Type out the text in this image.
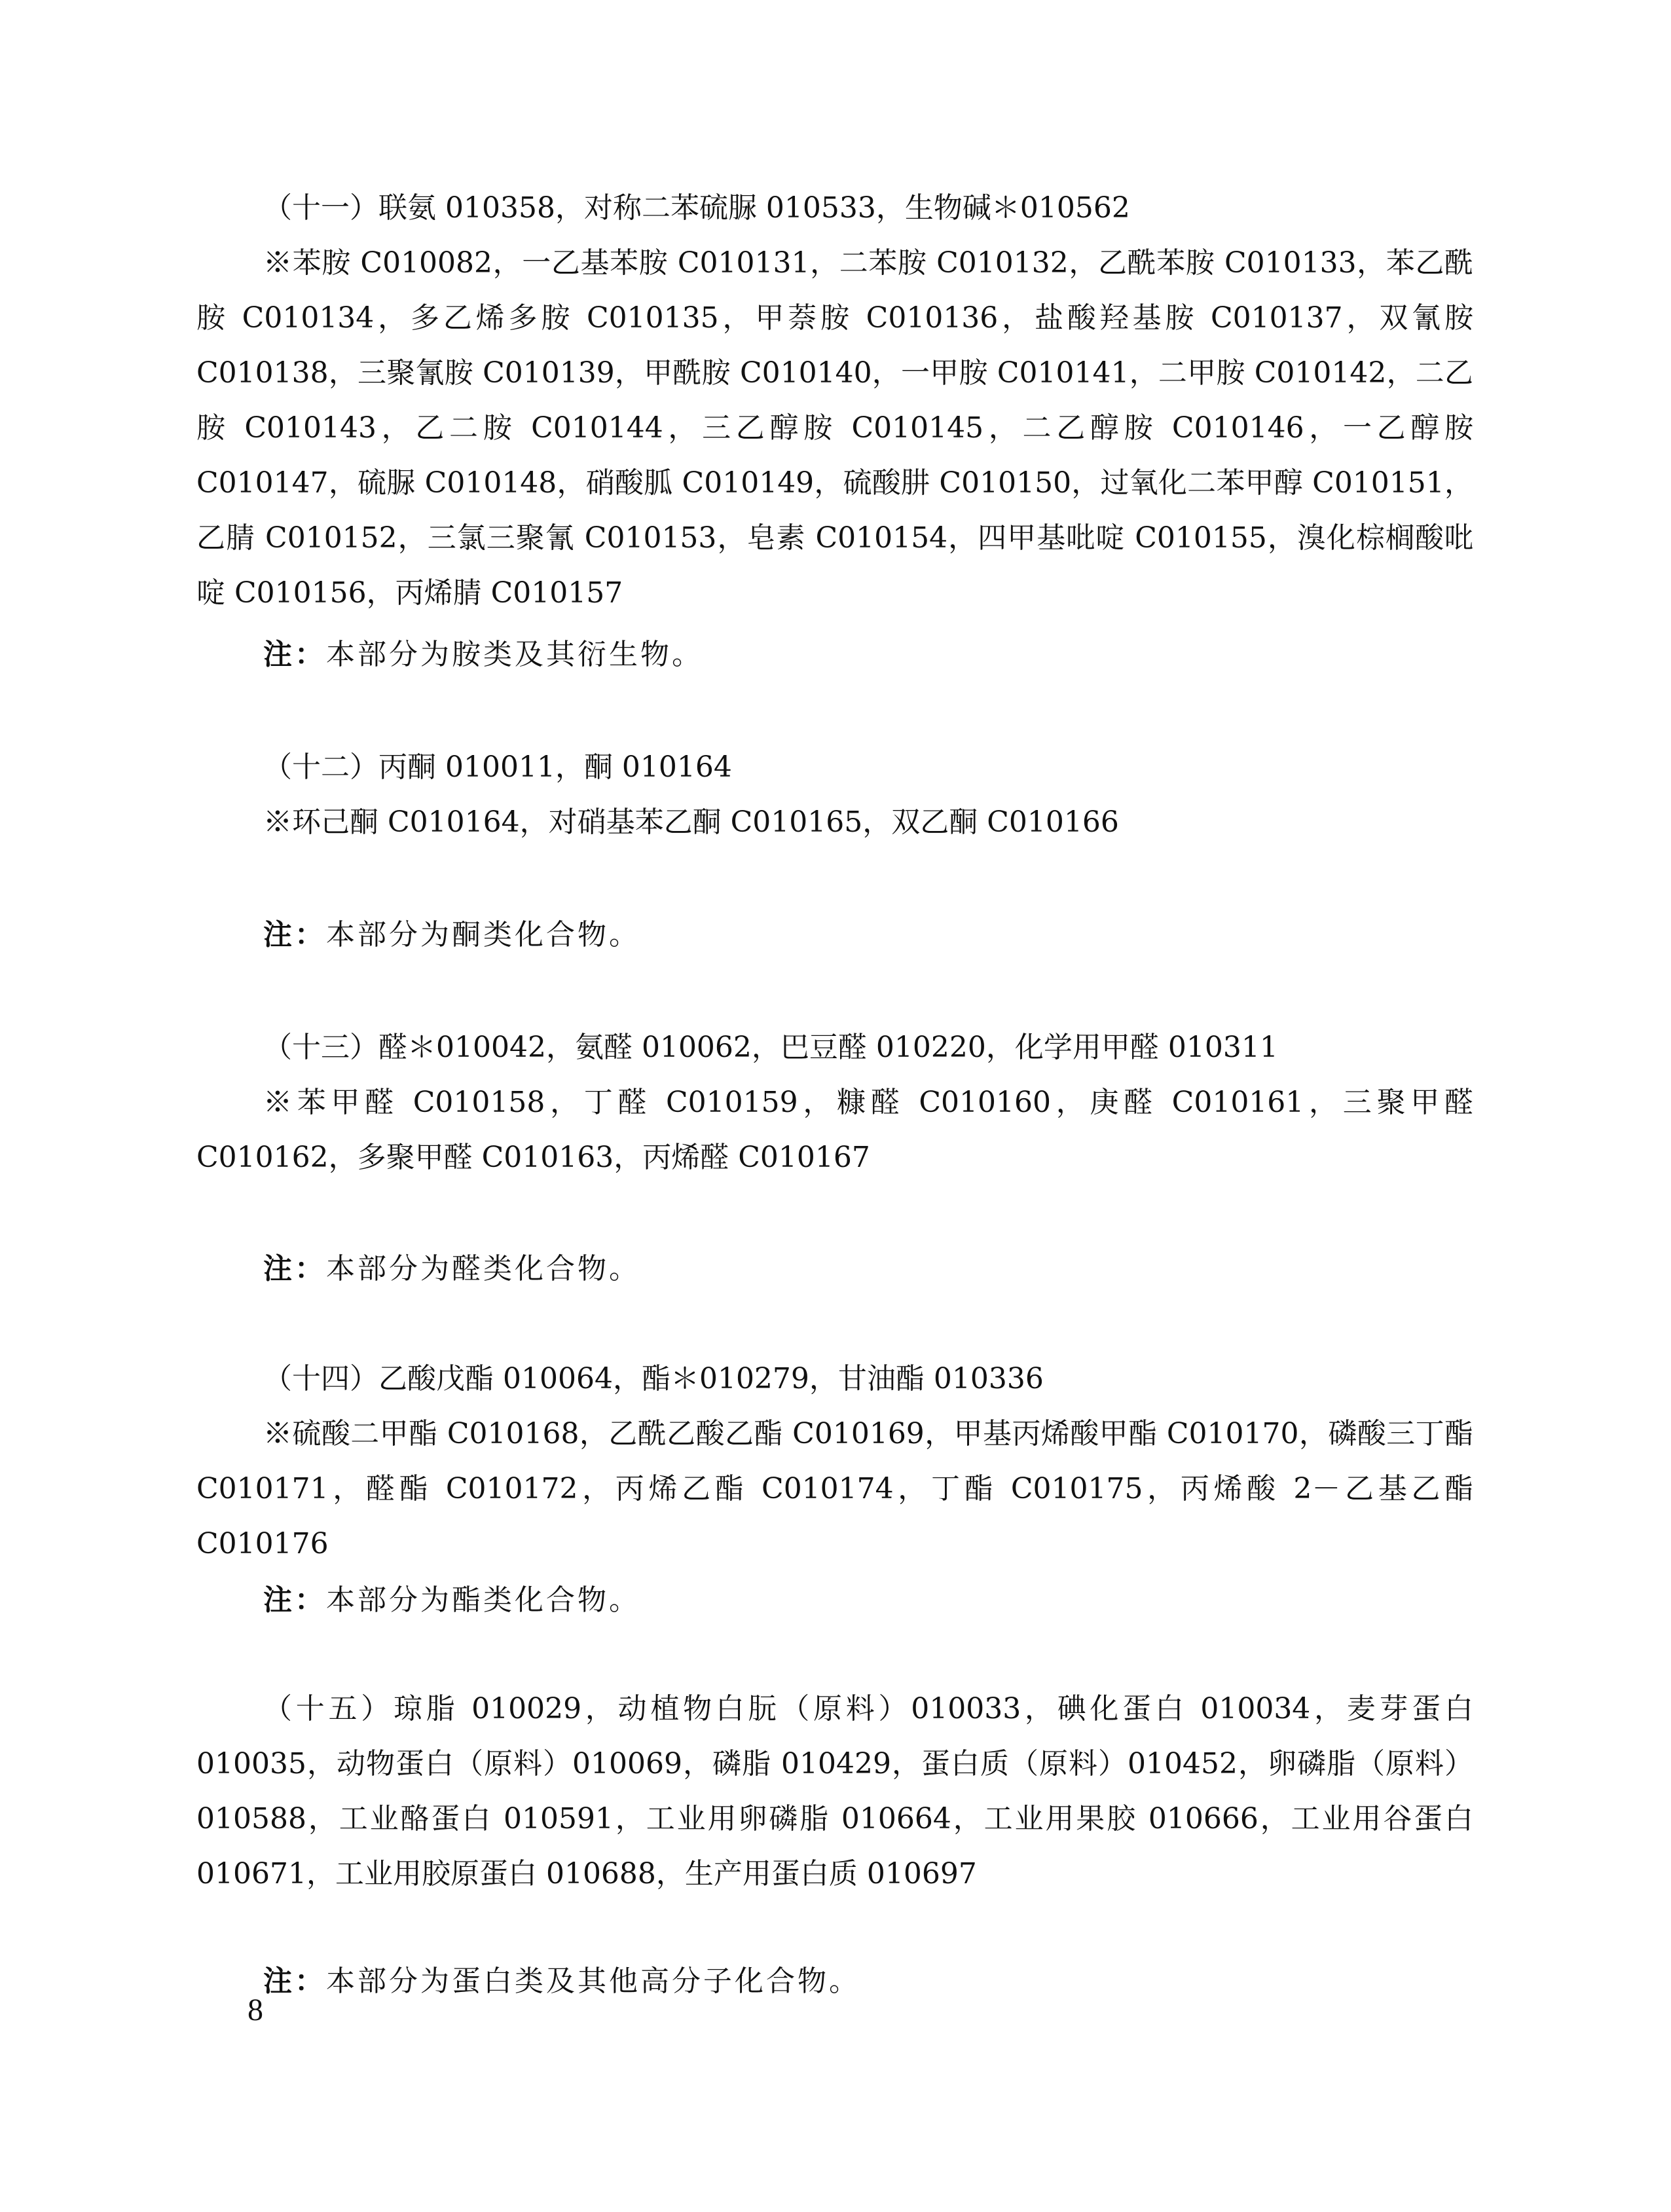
（十一）联氨 010358，对称二苯硫脲 010533，生物碱＊010562

※苯胺 C010082，一乙基苯胺 C010131，二苯胺 C010132，乙酰苯胺 C010133，苯乙酰胺 C010134，多乙烯多胺 C010135，甲萘胺 C010136，盐酸羟基胺 C010137，双氰胺 C010138，三聚氰胺 C010139，甲酰胺 C010140，一甲胺 C010141，二甲胺 C010142，二乙胺 C010143，乙二胺 C010144，三乙醇胺 C010145，二乙醇胺 C010146，一乙醇胺 C010147，硫脲 C010148，硝酸胍 C010149，硫酸肼 C010150，过氧化二苯甲醇 C010151，乙腈 C010152，三氯三聚氰 C010153，皂素 C010154，四甲基吡啶 C010155，溴化棕榈酸吡啶 C010156，丙烯腈 C010157

注：本部分为胺类及其衍生物。

（十二）丙酮 010011，酮 010164

※环己酮 C010164，对硝基苯乙酮 C010165，双乙酮 C010166

注：本部分为酮类化合物。

（十三）醛＊010042，氨醛 010062，巴豆醛 010220，化学用甲醛 010311

※苯甲醛 C010158，丁醛 C010159，糠醛 C010160，庚醛 C010161，三聚甲醛 C010162，多聚甲醛 C010163，丙烯醛 C010167

注：本部分为醛类化合物。

（十四）乙酸戊酯 010064，酯＊010279，甘油酯 010336

※硫酸二甲酯 C010168，乙酰乙酸乙酯 C010169，甲基丙烯酸甲酯 C010170，磷酸三丁酯 C010171，醛酯 C010172，丙烯乙酯 C010174，丁酯 C010175，丙烯酸 2－乙基乙酯 C010176

注：本部分为酯类化合物。

（十五）琼脂 010029，动植物白朊（原料）010033，碘化蛋白 010034，麦芽蛋白 010035，动物蛋白（原料）010069，磷脂 010429，蛋白质（原料）010452，卵磷脂（原料）010588，工业酪蛋白 010591，工业用卵磷脂 010664，工业用果胶 010666，工业用谷蛋白 010671，工业用胶原蛋白 010688，生产用蛋白质 010697

注：本部分为蛋白类及其他高分子化合物。
8
